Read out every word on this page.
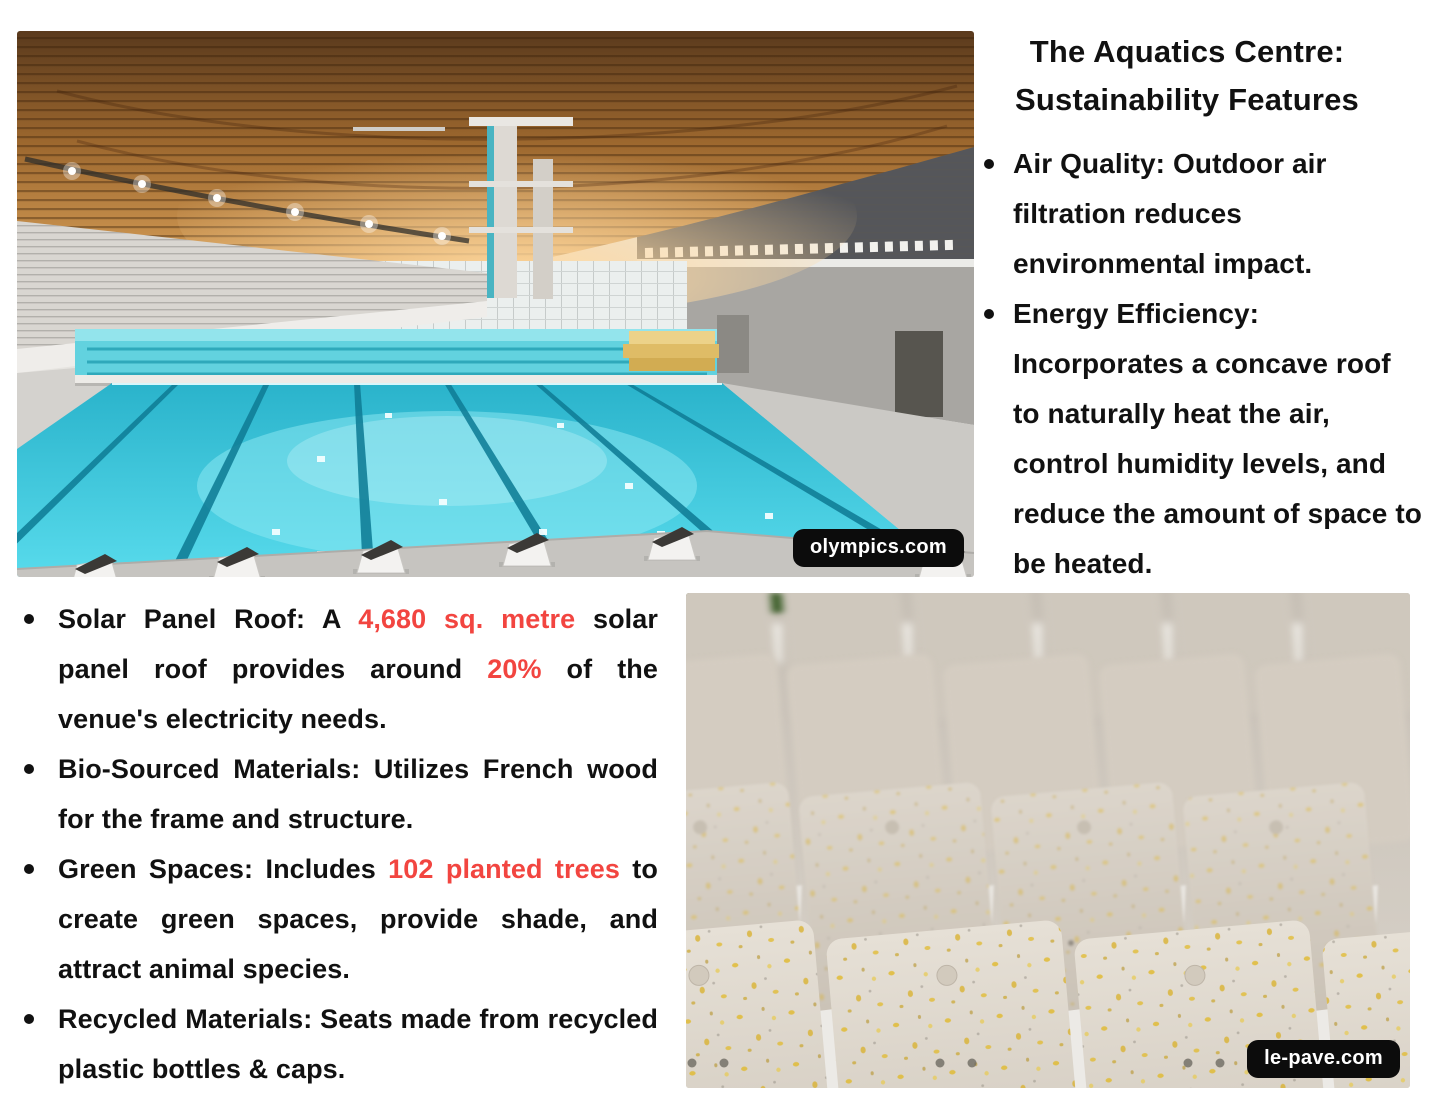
olympics.com
The Aquatics Centre:
Sustainability Features
Air Quality: Outdoor air filtration reduces environmental impact.
Energy Efficiency: Incorporates a concave roof to naturally heat the air, control humidity levels, and reduce the amount of space to be heated.
Solar Panel Roof: A 4,680 sq. metre solar panel roof provides around 20% of the venue's electricity needs.
Bio-Sourced Materials: Utilizes French wood for the frame and structure.
Green Spaces: Includes 102 planted trees to create green spaces, provide shade, and attract animal species.
Recycled Materials: Seats made from recycled plastic bottles & caps.	le-pave.com
